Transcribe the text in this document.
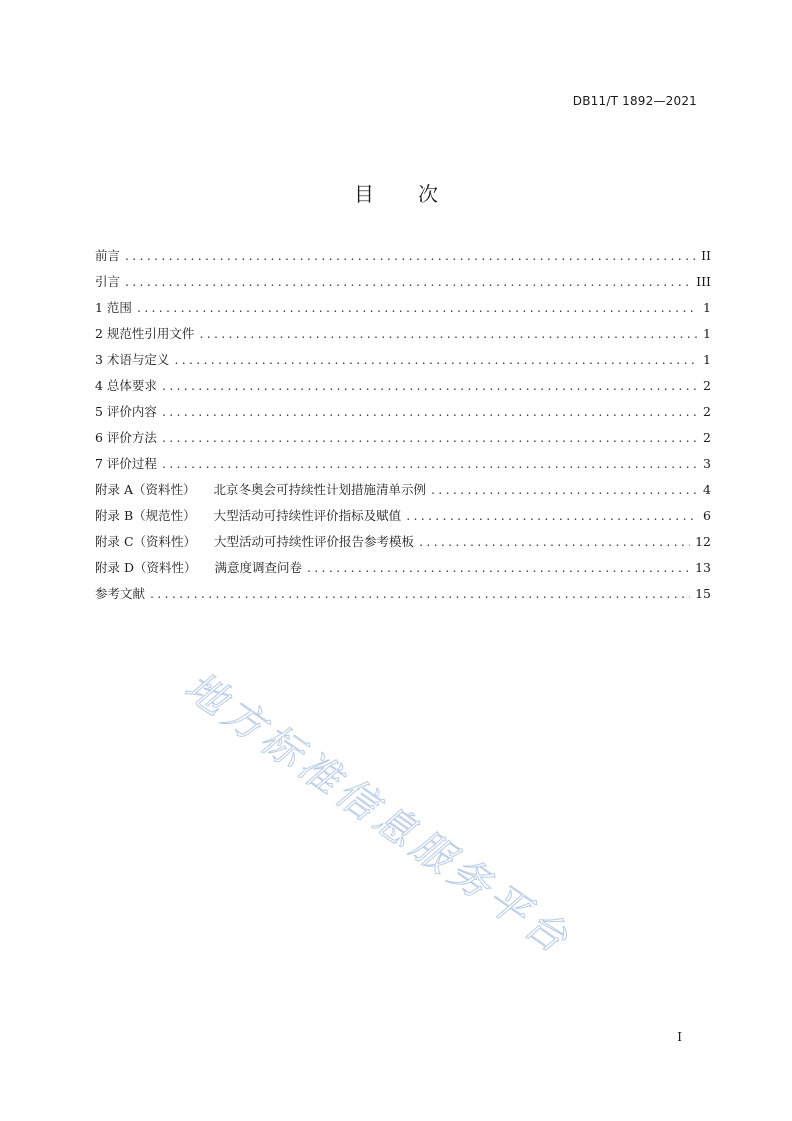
DB11/T 1892—2021
目 次
前言 .....	II
引言 .....	III
1 范围 .....	1
2 规范性引用文件 .....	1
3 术语与定义 .....	1
4 总体要求 .....	2
5 评价内容 .....	2
6 评价方法 .....	2
7 评价过程 .....	3
附录 A（资料性） 北京冬奥会可持续性计划措施清单示例 .....	4
附录 B（规范性） 大型活动可持续性评价指标及赋值 .....	6
附录 C（资料性） 大型活动可持续性评价报告参考模板 .....	12
附录 D（资料性） 满意度调查问卷 .....	13
参考文献 .....	15
地方标准信息服务平台
I
